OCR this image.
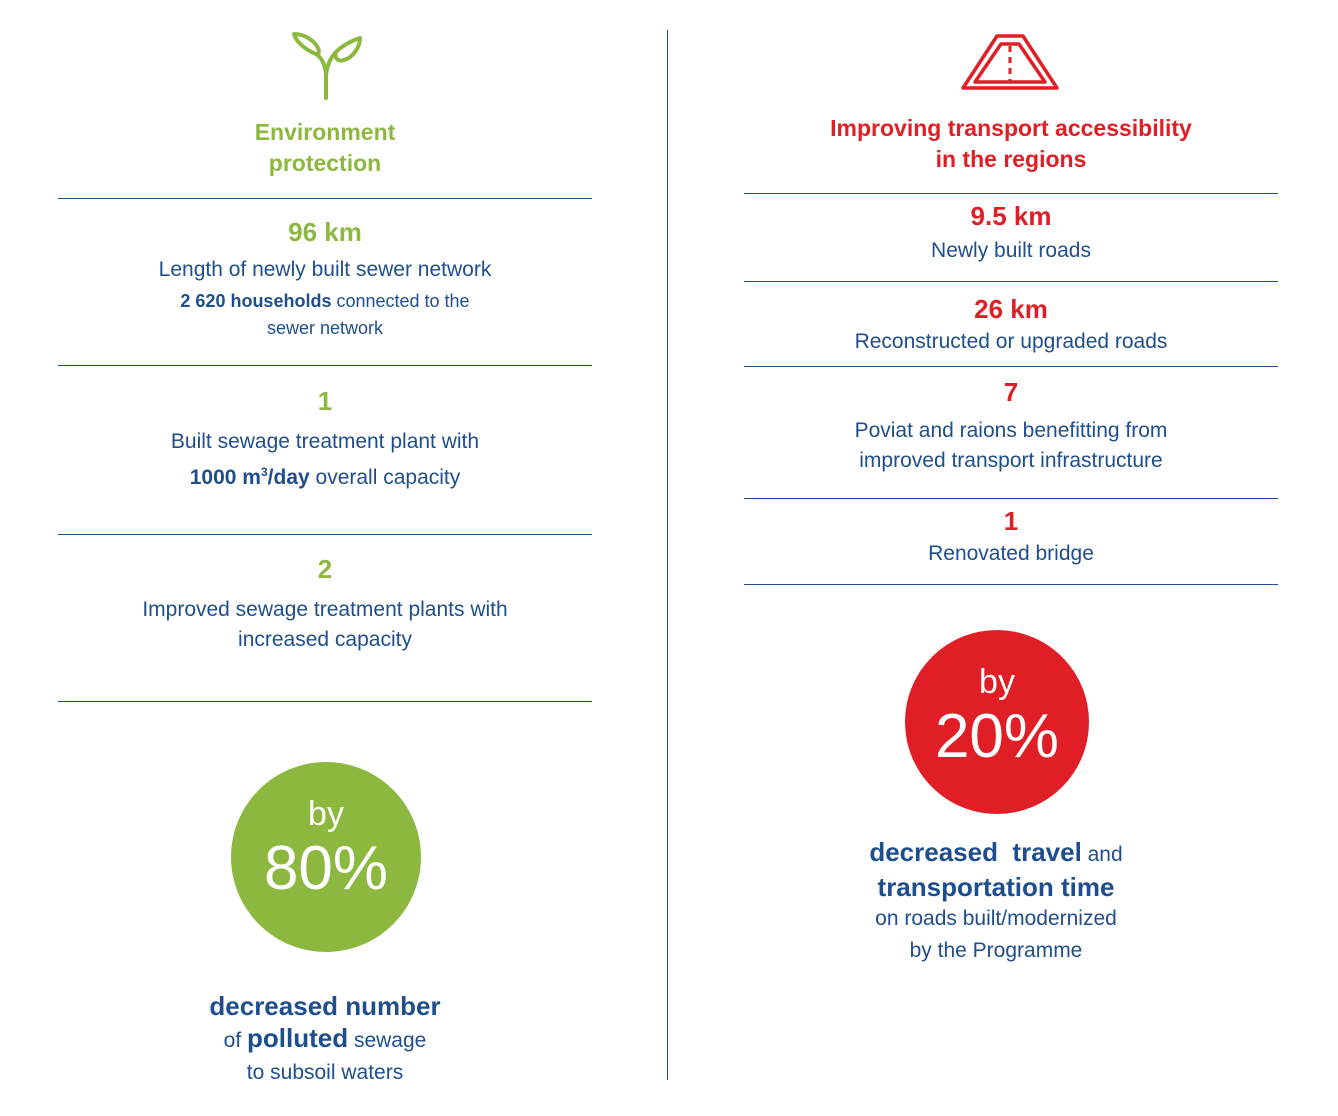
Environment
protection
96 km
Length of newly built sewer network
2 620 households connected to the
sewer network
1
Built sewage treatment plant with
1000 $m^3$/day overall capacity
2
Improved sewage treatment plants with
increased capacity
by
80%
decreased number
of polluted sewage
to subsoil waters
Improving transport accessibility
in the regions
9.5 km
Newly built roads
26 km
Reconstructed or upgraded roads
7
Poviat and raions benefitting from
improved transport infrastructure
1
Renovated bridge
by
20%
decreased  travel and
transportation time
on roads built/modernized
by the Programme
